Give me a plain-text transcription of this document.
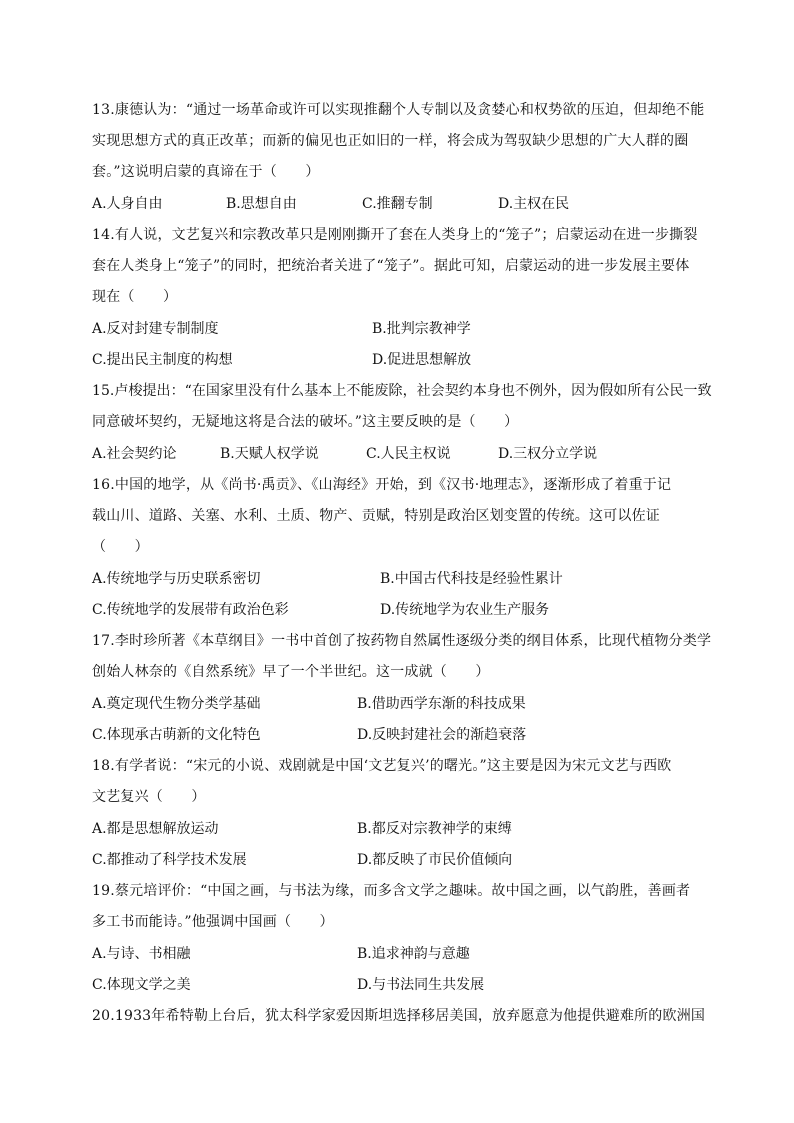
13.康德认为：“通过一场革命或许可以实现推翻个人专制以及贪婪心和权势欲的压迫，但却绝不能
实现思想方式的真正改革；而新的偏见也正如旧的一样，将会成为驾驭缺少思想的广大人群的圈
套。”这说明启蒙的真谛在于（　　）
A.人身自由	B.思想自由	C.推翻专制	D.主权在民
14.有人说，文艺复兴和宗教改革只是刚刚撕开了套在人类身上的“笼子”；启蒙运动在进一步撕裂
套在人类身上“笼子”的同时，把统治者关进了“笼子”。据此可知，启蒙运动的进一步发展主要体
现在（　　）
A.反对封建专制制度	B.批判宗教神学
C.提出民主制度的构想	D.促进思想解放
15.卢梭提出：“在国家里没有什么基本上不能废除，社会契约本身也不例外，因为假如所有公民一致
同意破坏契约，无疑地这将是合法的破坏。”这主要反映的是（　　）
A.社会契约论	B.天赋人权学说	C.人民主权说	D.三权分立学说
16.中国的地学，从《尚书·禹贡》、《山海经》开始，到《汉书·地理志》，逐渐形成了着重于记
载山川、道路、关塞、水利、土质、物产、贡赋，特别是政治区划变置的传统。这可以佐证
（　　）
A.传统地学与历史联系密切	B.中国古代科技是经验性累计
C.传统地学的发展带有政治色彩	D.传统地学为农业生产服务
17.李时珍所著《本草纲目》一书中首创了按药物自然属性逐级分类的纲目体系，比现代植物分类学
创始人林奈的《自然系统》早了一个半世纪。这一成就（　　）
A.奠定现代生物分类学基础	B.借助西学东渐的科技成果
C.体现承古萌新的文化特色	D.反映封建社会的渐趋衰落
18.有学者说：“宋元的小说、戏剧就是中国‘文艺复兴’的曙光。”这主要是因为宋元文艺与西欧
文艺复兴（　　）
A.都是思想解放运动	B.都反对宗教神学的束缚
C.都推动了科学技术发展	D.都反映了市民价值倾向
19.蔡元培评价：“中国之画，与书法为缘，而多含文学之趣味。故中国之画，以气韵胜，善画者
多工书而能诗。”他强调中国画（　　）
A.与诗、书相融	B.追求神韵与意趣
C.体现文学之美	D.与书法同生共发展
20.1933年希特勒上台后，犹太科学家爱因斯坦选择移居美国，放弃愿意为他提供避难所的欧洲国
